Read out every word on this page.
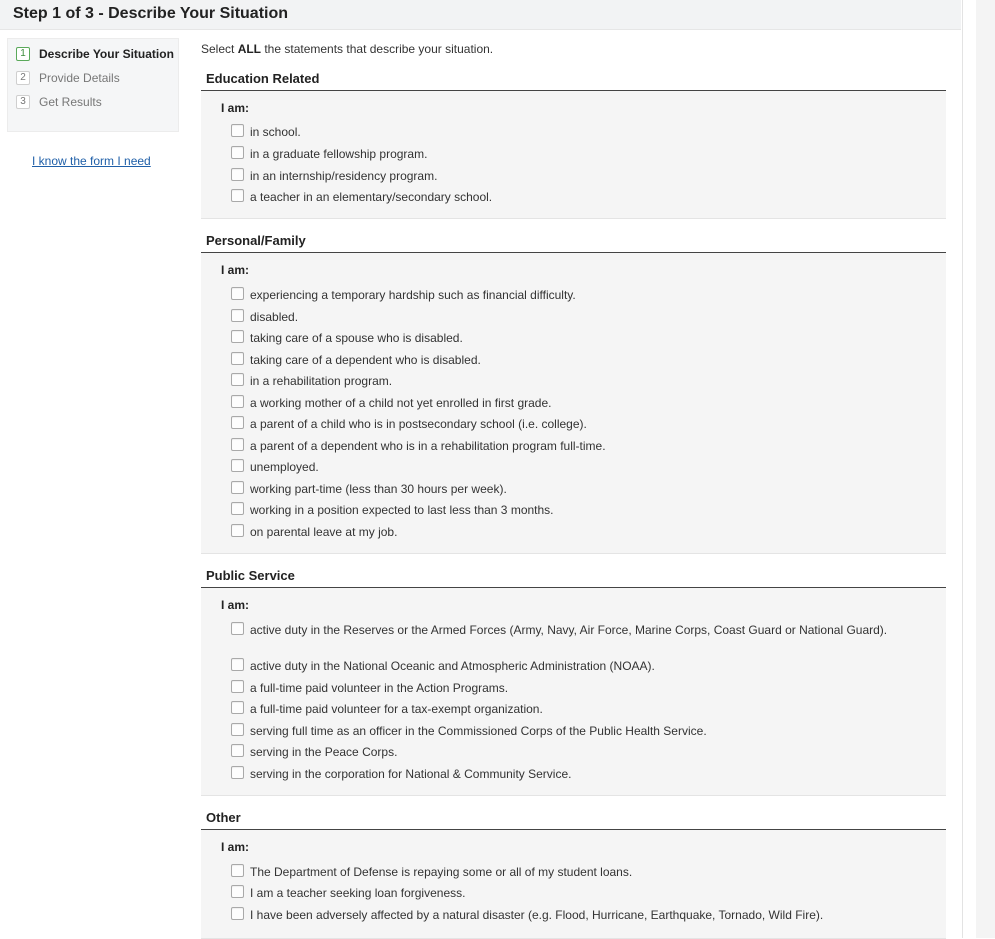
Step 1 of 3 - Describe Your Situation
1	Describe Your Situation
2	Provide Details
3	Get Results
I know the form I need
Select ALL the statements that describe your situation.
Education Related
I am:
in school.
in a graduate fellowship program.
in an internship/residency program.
a teacher in an elementary/secondary school.
Personal/Family
I am:
experiencing a temporary hardship such as financial difficulty.
disabled.
taking care of a spouse who is disabled.
taking care of a dependent who is disabled.
in a rehabilitation program.
a working mother of a child not yet enrolled in first grade.
a parent of a child who is in postsecondary school (i.e. college).
a parent of a dependent who is in a rehabilitation program full-time.
unemployed.
working part-time (less than 30 hours per week).
working in a position expected to last less than 3 months.
on parental leave at my job.
Public Service
I am:
active duty in the Reserves or the Armed Forces (Army, Navy, Air Force, Marine Corps, Coast Guard or National Guard).
active duty in the National Oceanic and Atmospheric Administration (NOAA).
a full-time paid volunteer in the Action Programs.
a full-time paid volunteer for a tax-exempt organization.
serving full time as an officer in the Commissioned Corps of the Public Health Service.
serving in the Peace Corps.
serving in the corporation for National & Community Service.
Other
I am:
The Department of Defense is repaying some or all of my student loans.
I am a teacher seeking loan forgiveness.
I have been adversely affected by a natural disaster (e.g. Flood, Hurricane, Earthquake, Tornado, Wild Fire).
